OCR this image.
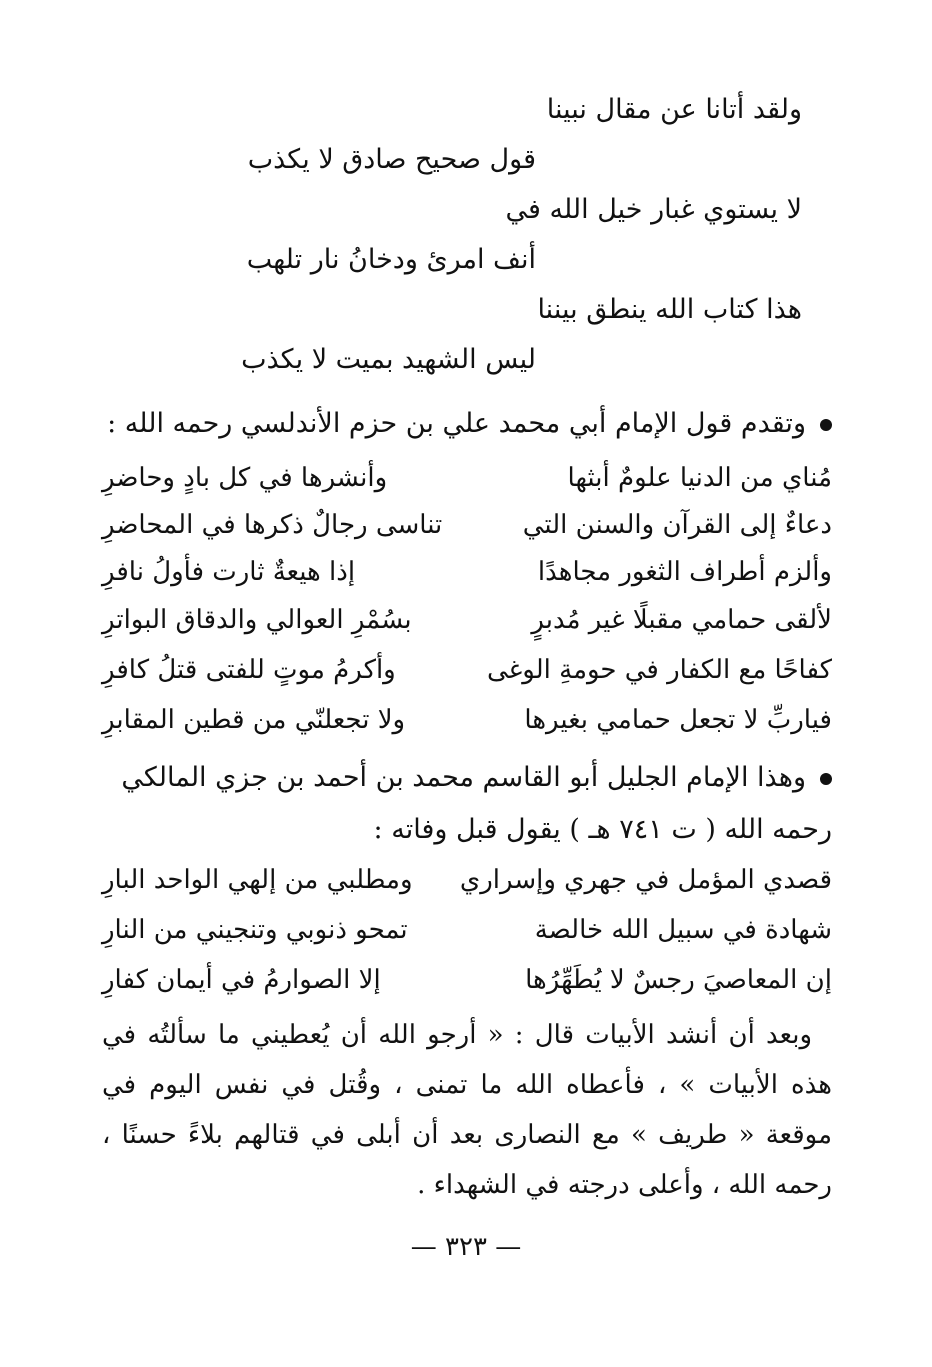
ولقد أتانا عن مقال نبينا
قول صحيح صادق لا يكذب
لا يستوي غبار خيل الله في
أنف امرئ ودخانُ نار تلهب
هذا كتاب الله ينطق بيننا
ليس الشهيد بميت لا يكذب
وتقدم قول الإمام أبي محمد علي بن حزم الأندلسي رحمه الله :
مُناي من الدنيا علومٌ أبثها
وأنشرها في كل بادٍ وحاضرِ
دعاءٌ إلى القرآن والسنن التي
تناسى رجالٌ ذكرها في المحاضرِ
وألزم أطراف الثغور مجاهدًا
إذا هيعةٌ ثارت فأولُ نافرِ
لألقى حمامي مقبلًا غير مُدبرٍ
بسُمْرِ العوالي والدقاق البواترِ
كفاحًا مع الكفار في حومةِ الوغى
وأكرمُ موتٍ للفتى قتلُ كافرِ
فياربِّ لا تجعل حمامي بغيرها
ولا تجعلنّي من قطين المقابرِ
وهذا الإمام الجليل أبو القاسم محمد بن أحمد بن جزي المالكي
رحمه الله ( ت ٧٤١ هـ ) يقول قبل وفاته :
قصدي المؤمل في جهري وإسراري
ومطلبي من إلهي الواحد البارِ
شهادة في سبيل الله خالصة
تمحو ذنوبي وتنجيني من النارِ
إن المعاصيَ رجسٌ لا يُطَهِّرُها
إلا الصوارمُ في أيمان كفارِ

وبعد أن أنشد الأبيات قال : « أرجو الله أن يُعطيني ما سألتُه في هذه الأبيات » ، فأعطاه الله ما تمنى ، وقُتل في نفس اليوم في موقعة « طريف » مع النصارى بعد أن أبلى في قتالهم بلاءً حسنًا ، رحمه الله ، وأعلى درجته في الشهداء .

— ٣٢٣ —
